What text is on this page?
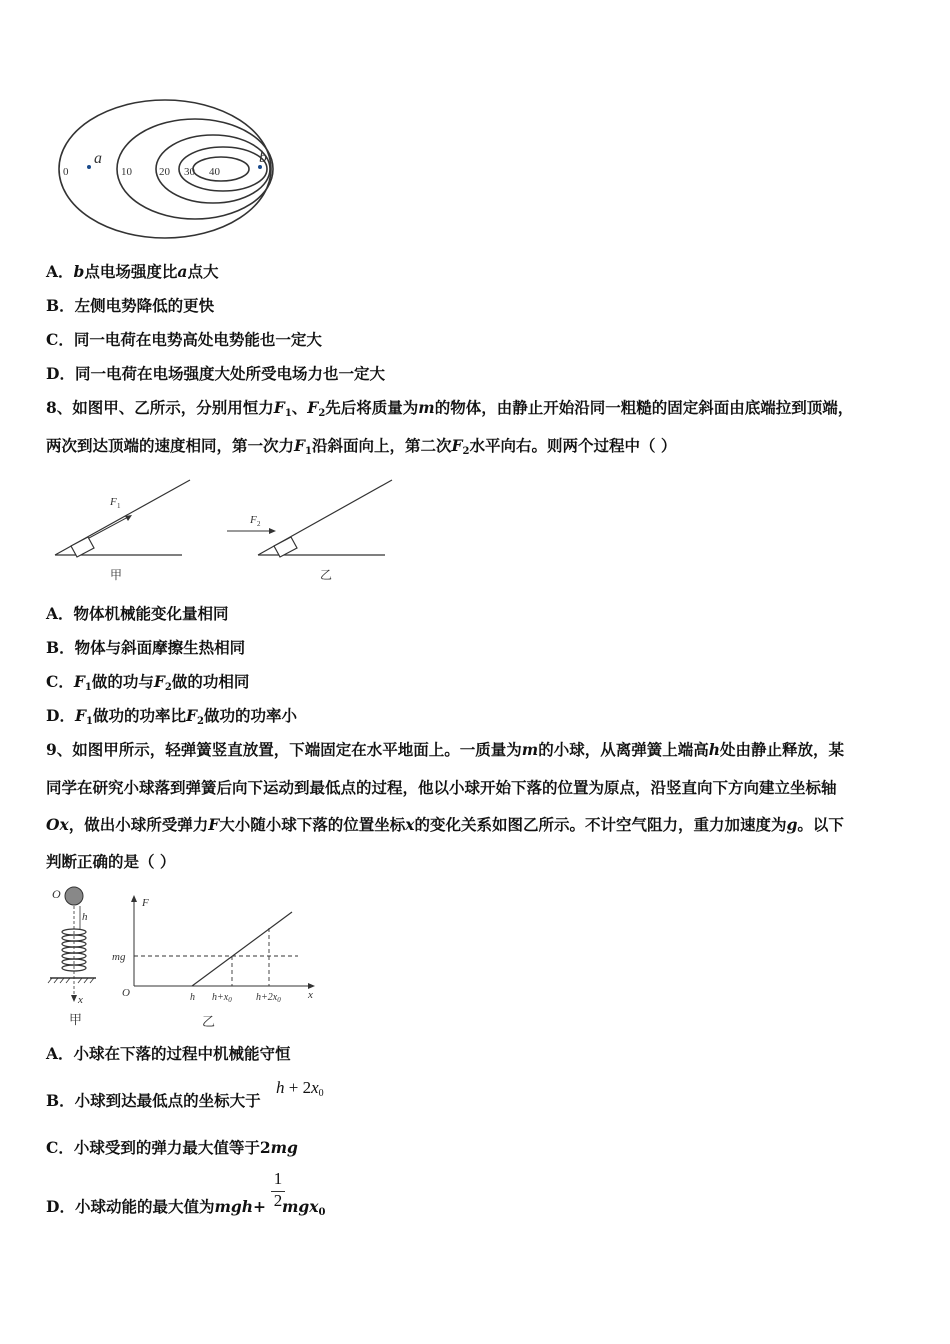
0	10 20 30 40
a	b
A．b点电场强度比a点大
B．左侧电势降低的更快
C．同一电荷在电势高处电势能也一定大
D．同一电荷在电场强度大处所受电场力也一定大
8、如图甲、乙所示，分别用恒力$F_1$、$F_2$先后将质量为m的物体，由静止开始沿同一粗糙的固定斜面由底端拉到顶端，
两次到达顶端的速度相同，第一次力$F_1$沿斜面向上，第二次$F_2$水平向右。则两个过程中（ ）
F 1
甲
F 2
乙
A．物体机械能变化量相同
B．物体与斜面摩擦生热相同
C．$F_1$做的功与$F_2$做的功相同
D．$F_1$做功的功率比$F_2$做功的功率小
9、如图甲所示，轻弹簧竖直放置，下端固定在水平地面上。一质量为m的小球，从离弹簧上端高h处由静止释放，某
同学在研究小球落到弹簧后向下运动到最低点的过程，他以小球开始下落的位置为原点，沿竖直向下方向建立坐标轴
Ox，做出小球所受弹力F大小随小球下落的位置坐标x的变化关系如图乙所示。不计空气阻力，重力加速度为g。以下
判断正确的是（ ）
O
h
x
甲
F
O	x
mg
h $h+x_0$ $h+2x_0$
乙
A．小球在下落的过程中机械能守恒
B．小球到达最低点的坐标大于
$h + 2x_0$
C．小球受到的弹力最大值等于2mg
D．小球动能的最大值为mgh+ mgx$_0$
$\frac{1}{2}$
